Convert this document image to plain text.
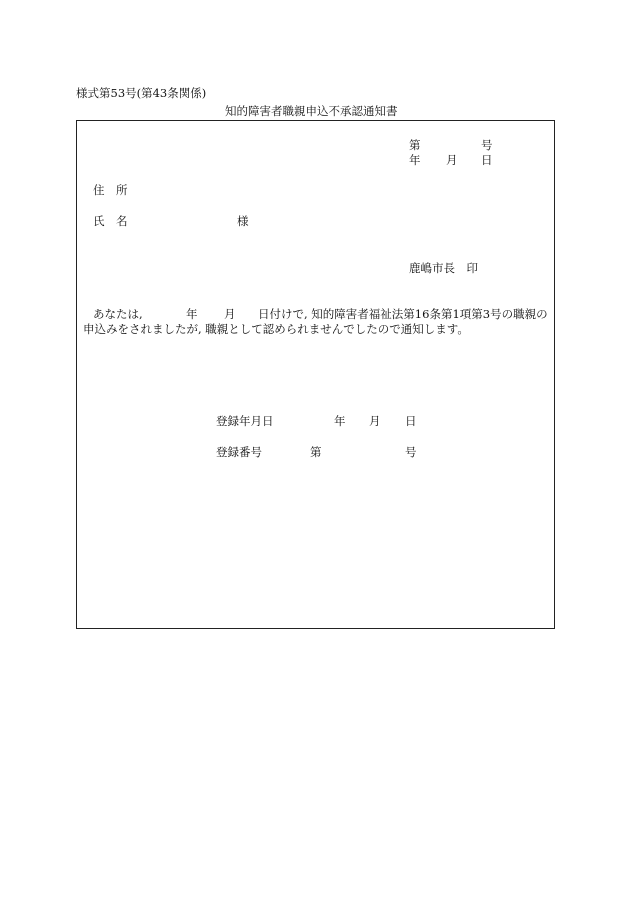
様式第53号(第43条関係)
知的障害者職親申込不承認通知書
第	号
年 月 日
住　所
氏　名	様
鹿嶋市長　印
あなたは,	年 月 日付けで, 知的障害者福祉法第16条第1項第3号の職親の
申込みをされましたが, 職親として認められませんでしたので通知します。
登録年月日	年 月 日
登録番号	第	号
